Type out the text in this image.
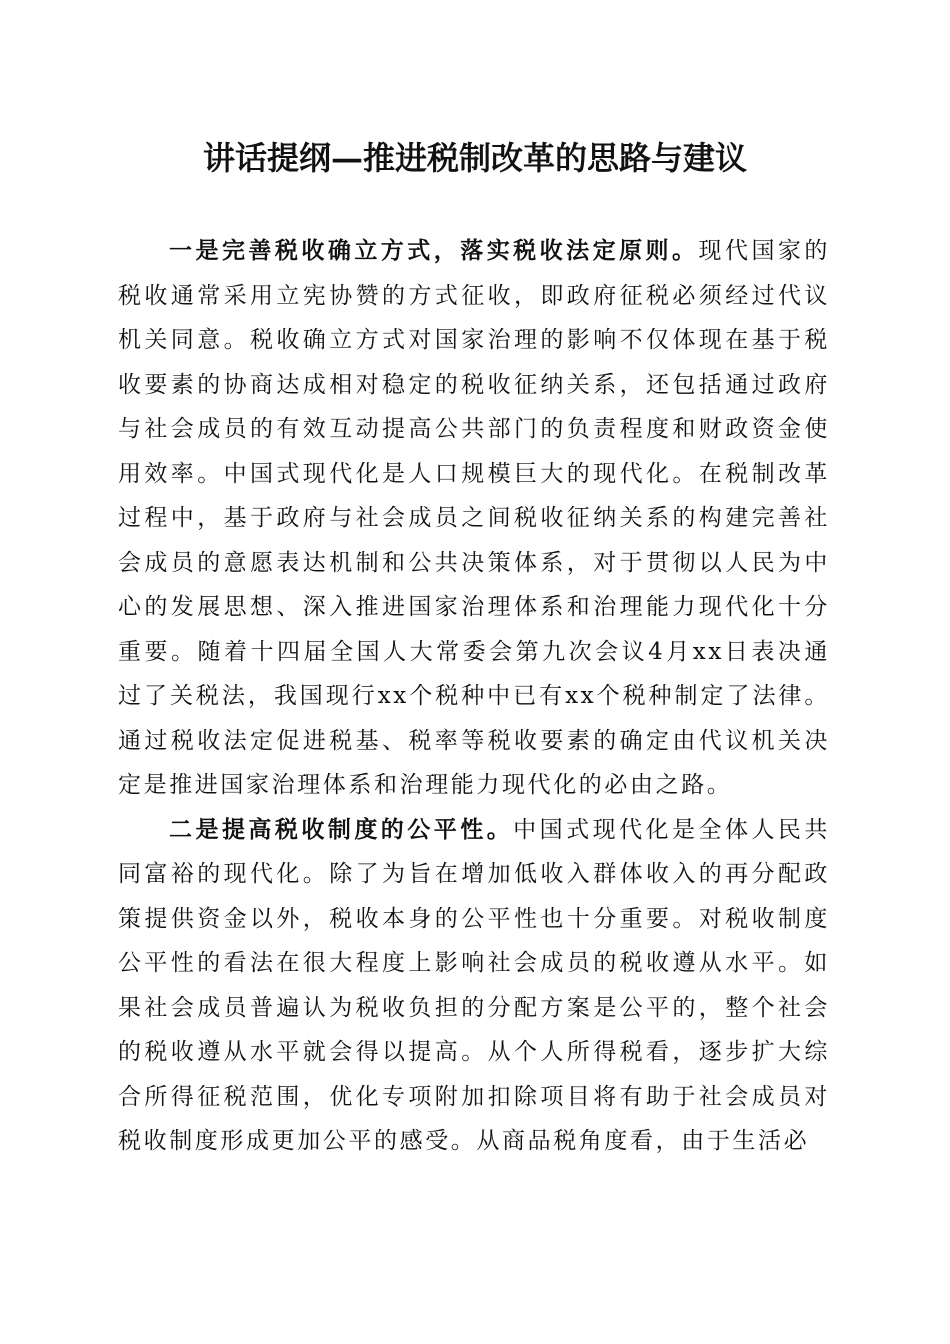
讲话提纲—推进税制改革的思路与建议

一是完善税收确立方式，落实税收法定原则。现代国家的税收通常采用立宪协赞的方式征收，即政府征税必须经过代议机关同意。税收确立方式对国家治理的影响不仅体现在基于税收要素的协商达成相对稳定的税收征纳关系，还包括通过政府与社会成员的有效互动提高公共部门的负责程度和财政资金使用效率。中国式现代化是人口规模巨大的现代化。在税制改革过程中，基于政府与社会成员之间税收征纳关系的构建完善社会成员的意愿表达机制和公共决策体系，对于贯彻以人民为中心的发展思想、深入推进国家治理体系和治理能力现代化十分重要。随着十四届全国人大常委会第九次会议4月xx日表决通过了关税法，我国现行xx个税种中已有xx个税种制定了法律。通过税收法定促进税基、税率等税收要素的确定由代议机关决定是推进国家治理体系和治理能力现代化的必由之路。

二是提高税收制度的公平性。中国式现代化是全体人民共同富裕的现代化。除了为旨在增加低收入群体收入的再分配政策提供资金以外，税收本身的公平性也十分重要。对税收制度公平性的看法在很大程度上影响社会成员的税收遵从水平。如果社会成员普遍认为税收负担的分配方案是公平的，整个社会的税收遵从水平就会得以提高。从个人所得税看，逐步扩大综合所得征税范围，优化专项附加扣除项目将有助于社会成员对税收制度形成更加公平的感受。从商品税角度看，由于生活必
